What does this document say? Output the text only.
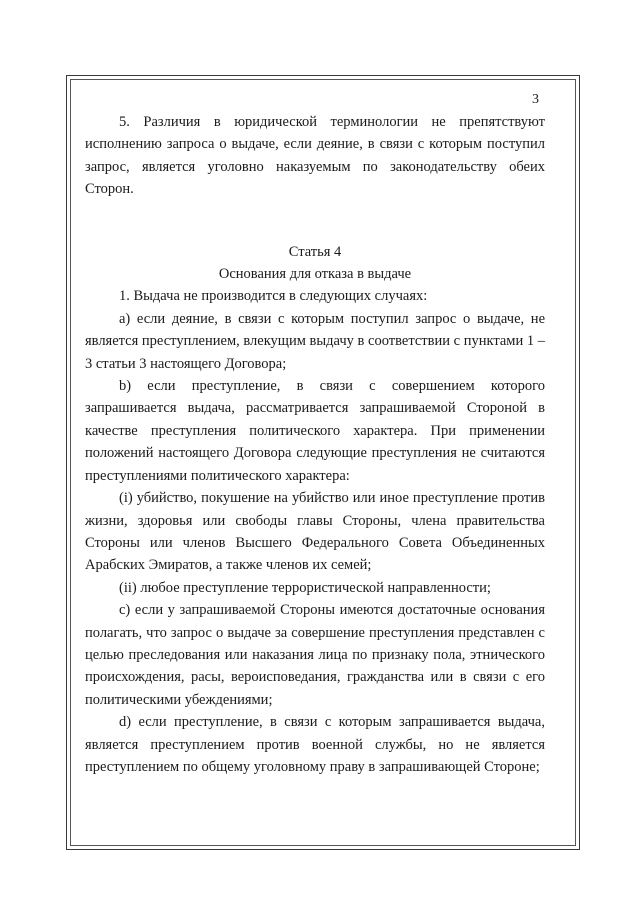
3

5. Различия в юридической терминологии не препятствуют исполнению запроса о выдаче, если деяние, в связи с которым поступил запрос, является уголовно наказуемым по законодательству обеих Сторон.

Статья 4

Основания для отказа в выдаче

1. Выдача не производится в следующих случаях:

а) если деяние, в связи с которым поступил запрос о выдаче, не является преступлением, влекущим выдачу в соответствии с пунктами 1 – 3 статьи 3 настоящего Договора;

b) если преступление, в связи с совершением которого запрашивается выдача, рассматривается запрашиваемой Стороной в качестве преступления политического характера. При применении положений настоящего Договора следующие преступления не считаются преступлениями политического характера:

(i) убийство, покушение на убийство или иное преступление против жизни, здоровья или свободы главы Стороны, члена правительства Стороны или членов Высшего Федерального Совета Объединенных Арабских Эмиратов, а также членов их семей;

(ii) любое преступление террористической направленности;

с) если у запрашиваемой Стороны имеются достаточные основания полагать, что запрос о выдаче за совершение преступления представлен с целью преследования или наказания лица по признаку пола, этнического происхождения, расы, вероисповедания, гражданства или в связи с его политическими убеждениями;

d) если преступление, в связи с которым запрашивается выдача, является преступлением против военной службы, но не является преступлением по общему уголовному праву в запрашивающей Стороне;
